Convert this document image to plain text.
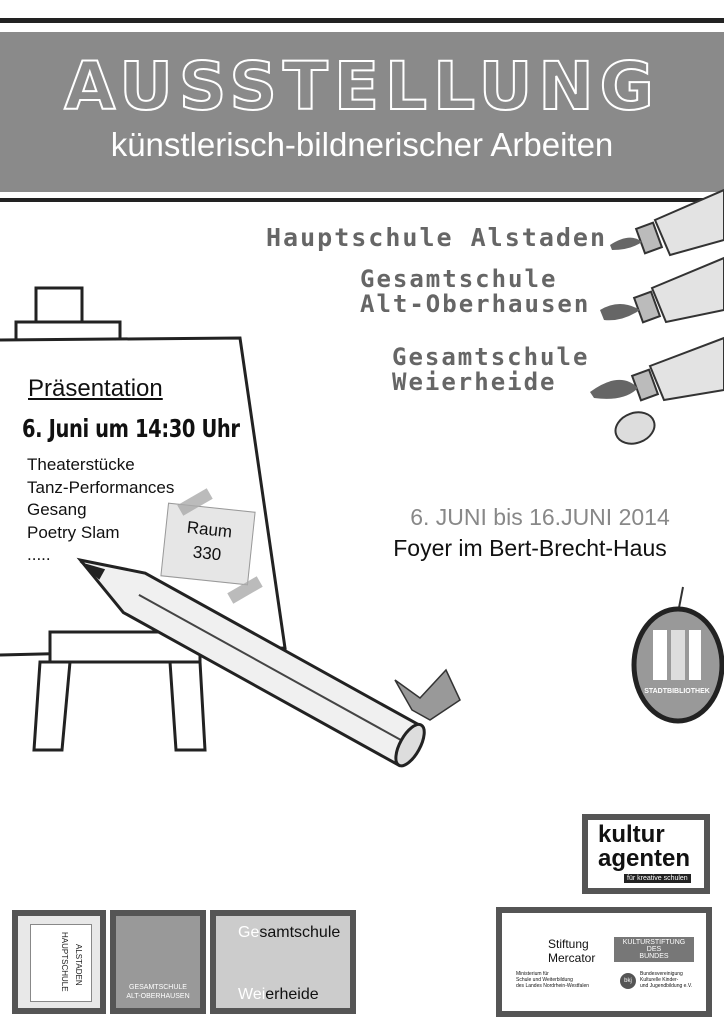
AUSSTELLUNG
künstlerisch-bildnerischer Arbeiten
Hauptschule Alstaden
Gesamtschule
Alt-Oberhausen
Gesamtschule
Weierheide
Präsentation
6. Juni um 14:30 Uhr
Theaterstücke
Tanz-Performances
Gesang
Poetry Slam
.....
Raum
330
6. JUNI bis 16.JUNI 2014
Foyer im Bert-Brecht-Haus
STADTBIBLIOTHEK
kultur
agenten
für kreative schulen
HAUPTSCHULE ALSTADEN
GESAMTSCHULE
ALT-OBERHAUSEN
Gesamtschule
Weierheide
Stiftung
Mercator
KULTURSTIFTUNG
DES
BUNDES
Ministerium für
Schule und Weiterbildung
des Landes Nordrhein-Westfalen
bkj
Bundesvereinigung
Kulturelle Kinder-
und Jugendbildung e.V.
